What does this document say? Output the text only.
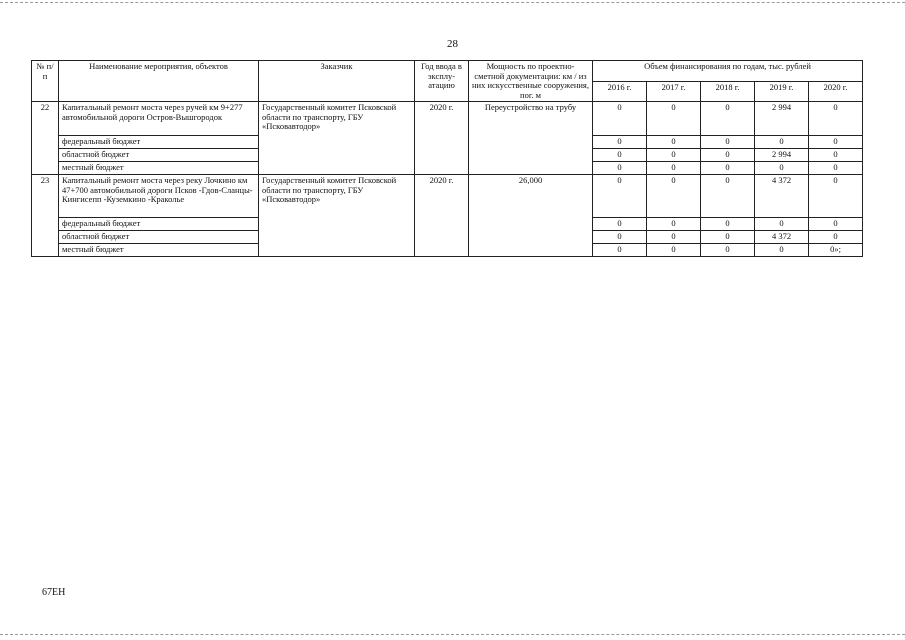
28
№ п/п	Наименование мероприятия, объектов	Заказчик	Год ввода в эксплу-атацию	Мощность по проектно-сметной документации: км / из них искусственные сооружения, пог. м	Объем финансирования по годам, тыс. рублей				
					2016 г.	2017 г.	2018 г.	2019 г.	2020 г.
22	Капитальный ремонт моста через ручей км 9+277 автомобильной дороги Остров-Вышгородок	Государственный комитет Псковской области по транспорту, ГБУ «Псковавтодор»	2020 г.	Переустройство на трубу	0	0	0	2 994	0
	федеральный бюджет				0	0	0	0	0
	областной бюджет				0	0	0	2 994	0
	местный бюджет				0	0	0	0	0
23	Капитальный ремонт моста через реку Лочкино км 47+700 автомобильной дороги Псков -Гдов-Сланцы-Кингисепп -Куземкино -Краколье	Государственный комитет Псковской области по транспорту, ГБУ «Псковавтодор»	2020 г.	26,000	0	0	0	4 372	0
	федеральный бюджет				0	0	0	0	0
	областной бюджет				0	0	0	4 372	0
	местный бюджет				0	0	0	0	0»;
67ЕН
